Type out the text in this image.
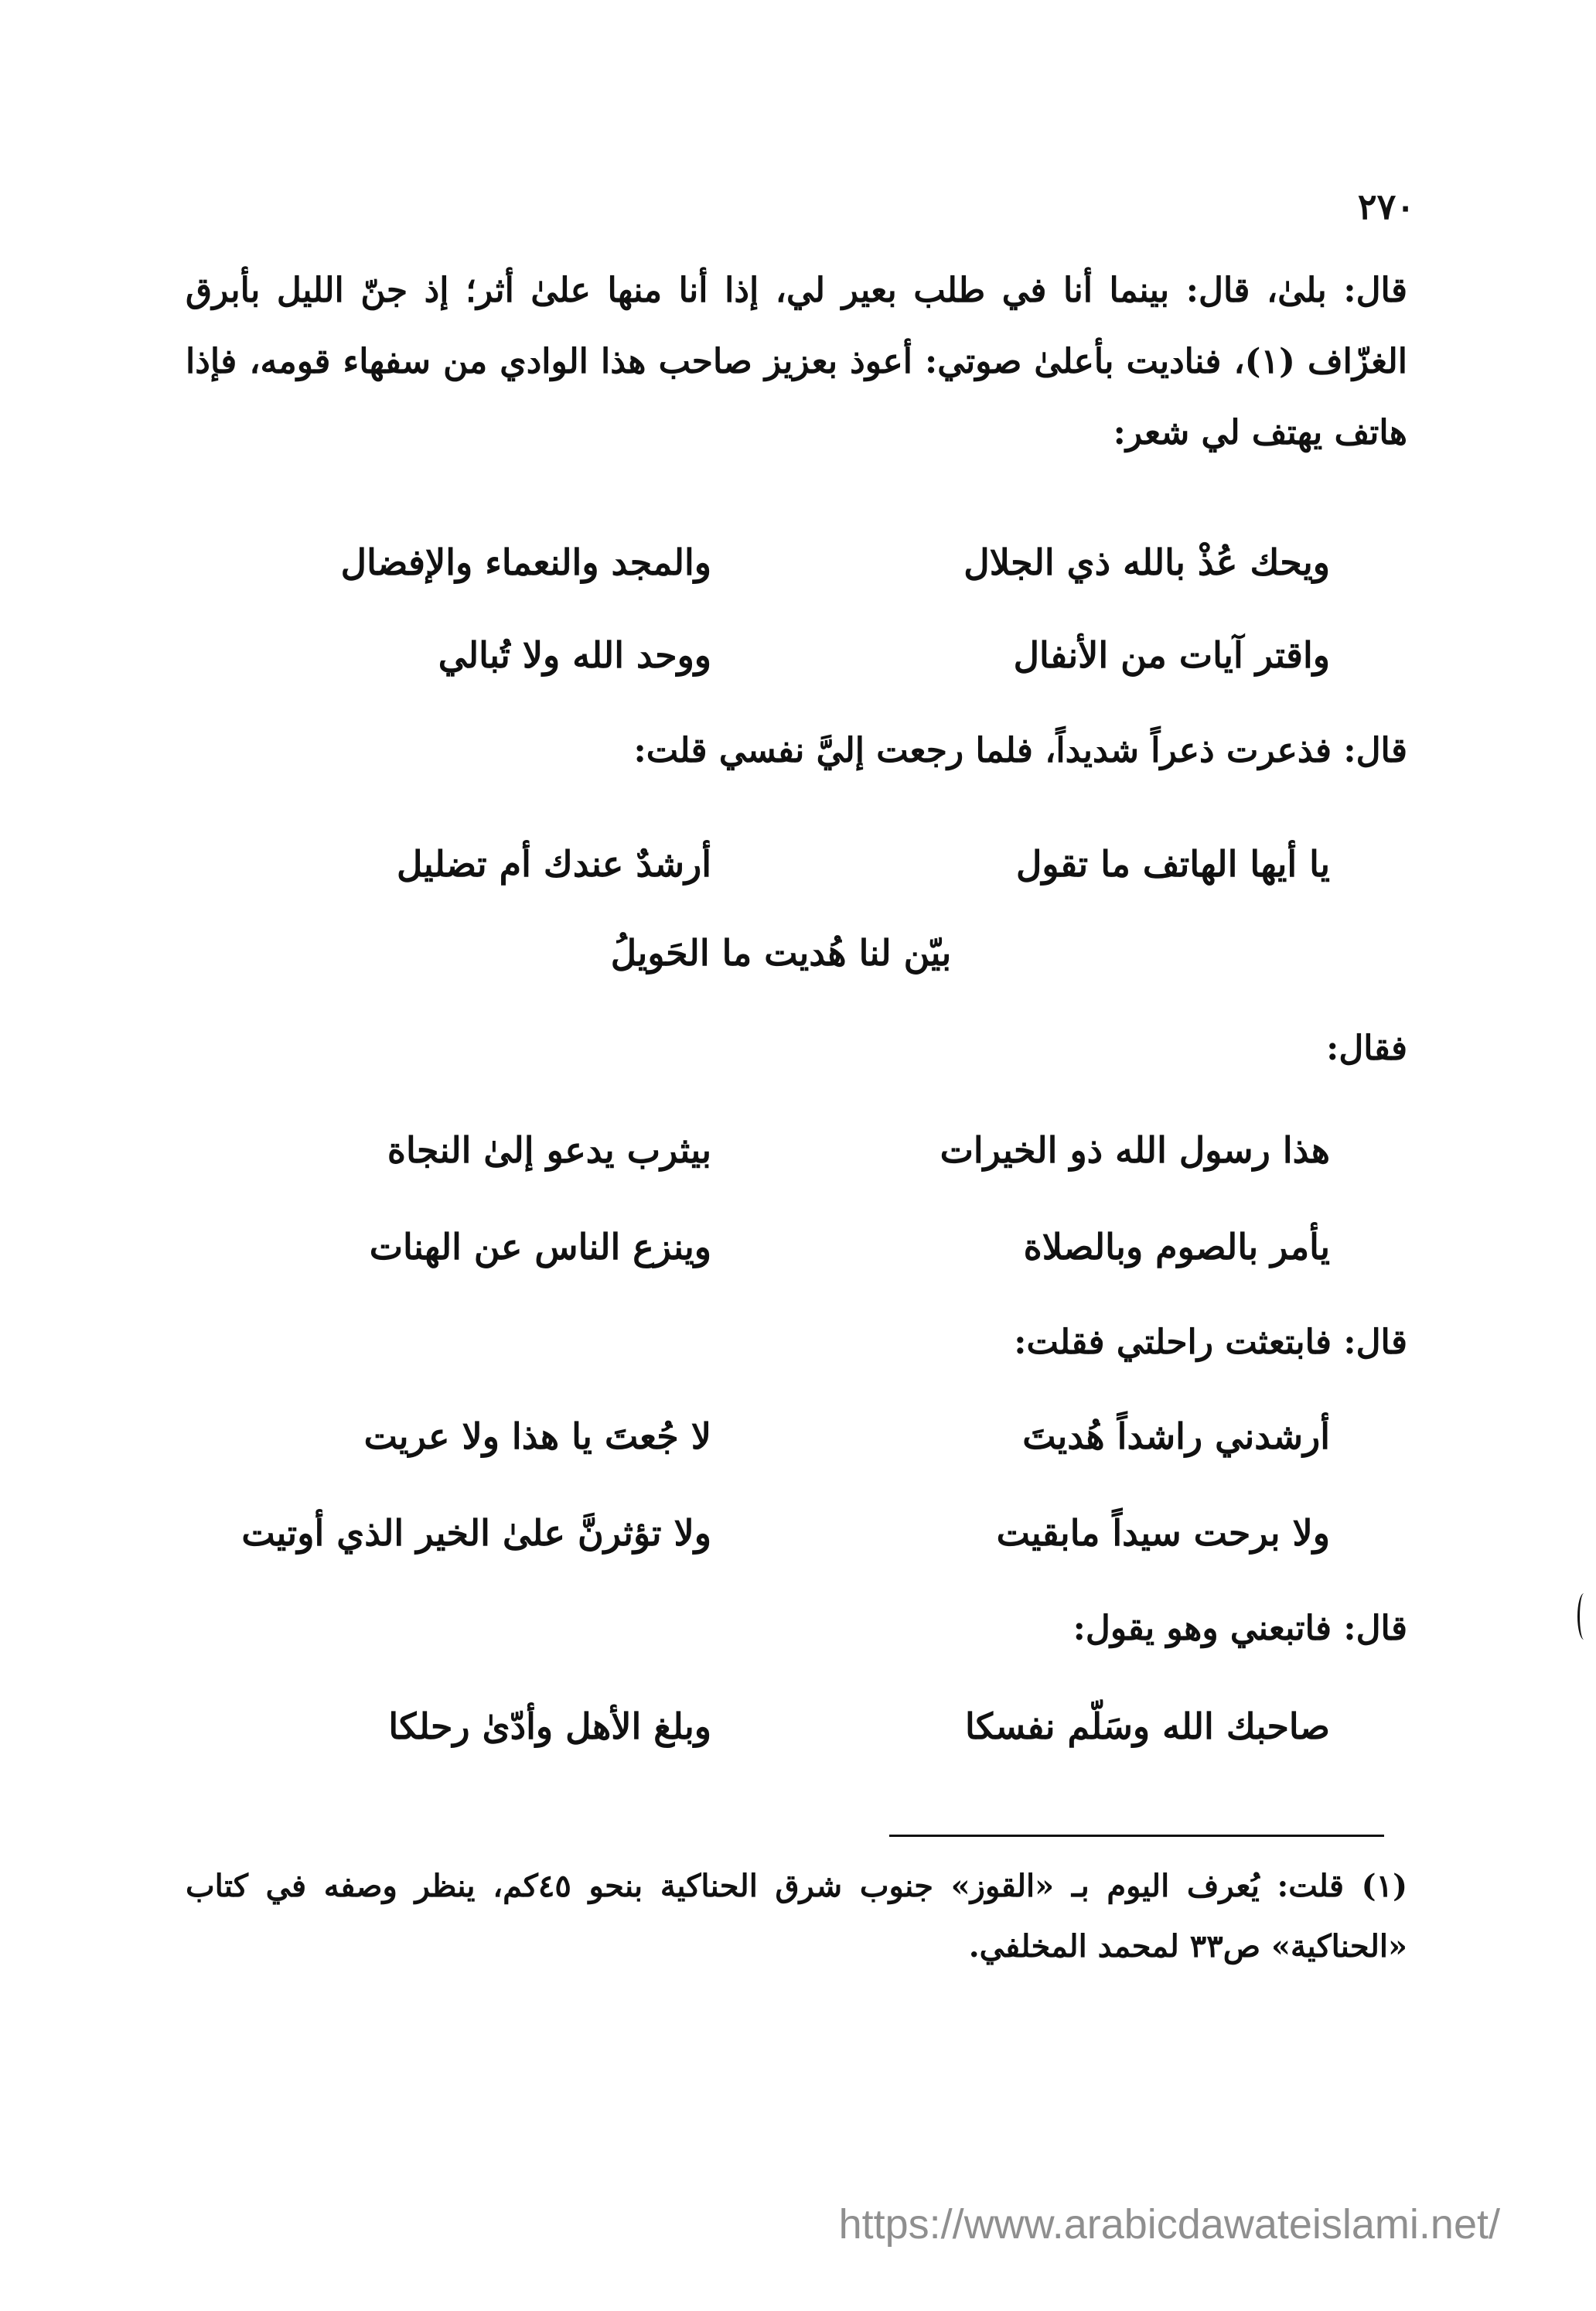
٢٧٠
قال: بلىٰ، قال: بينما أنا في طلب بعير لي، إذا أنا منها علىٰ أثر؛ إذ جنّ الليل بأبرق الغزّاف (١)، فناديت بأعلىٰ صوتي: أعوذ بعزيز صاحب هذا الوادي من سفهاء قومه، فإذا هاتف يهتف لي شعر:
ويحك عُذْ بالله ذي الجلال
والمجد والنعماء والإفضال
واقتر آيات من الأنفال
ووحد الله ولا تُبالي
قال: فذعرت ذعراً شديداً، فلما رجعت إليَّ نفسي قلت:
يا أيها الهاتف ما تقول
أرشدٌ عندك أم تضليل
بيّن لنا هُديت ما الحَويلُ
فقال:
هذا رسول الله ذو الخيرات
بيثرب يدعو إلىٰ النجاة
يأمر بالصوم وبالصلاة
وينزع الناس عن الهنات
قال: فابتعثت راحلتي فقلت:
أرشدني راشداً هُديتَ
لا جُعتَ يا هذا ولا عريت
ولا برحت سيداً مابقيت
ولا تؤثرنَّ علىٰ الخير الذي أوتيت
قال: فاتبعني وهو يقول:
صاحبك الله وسَلّم نفسكا
وبلغ الأهل وأدّىٰ رحلكا
(١) قلت: يُعرف اليوم بـ «القوز» جنوب شرق الحناكية بنحو ٤٥كم، ينظر وصفه في كتاب «الحناكية» ص٣٣ لمحمد المخلفي.
https://www.arabicdawateislami.net/
